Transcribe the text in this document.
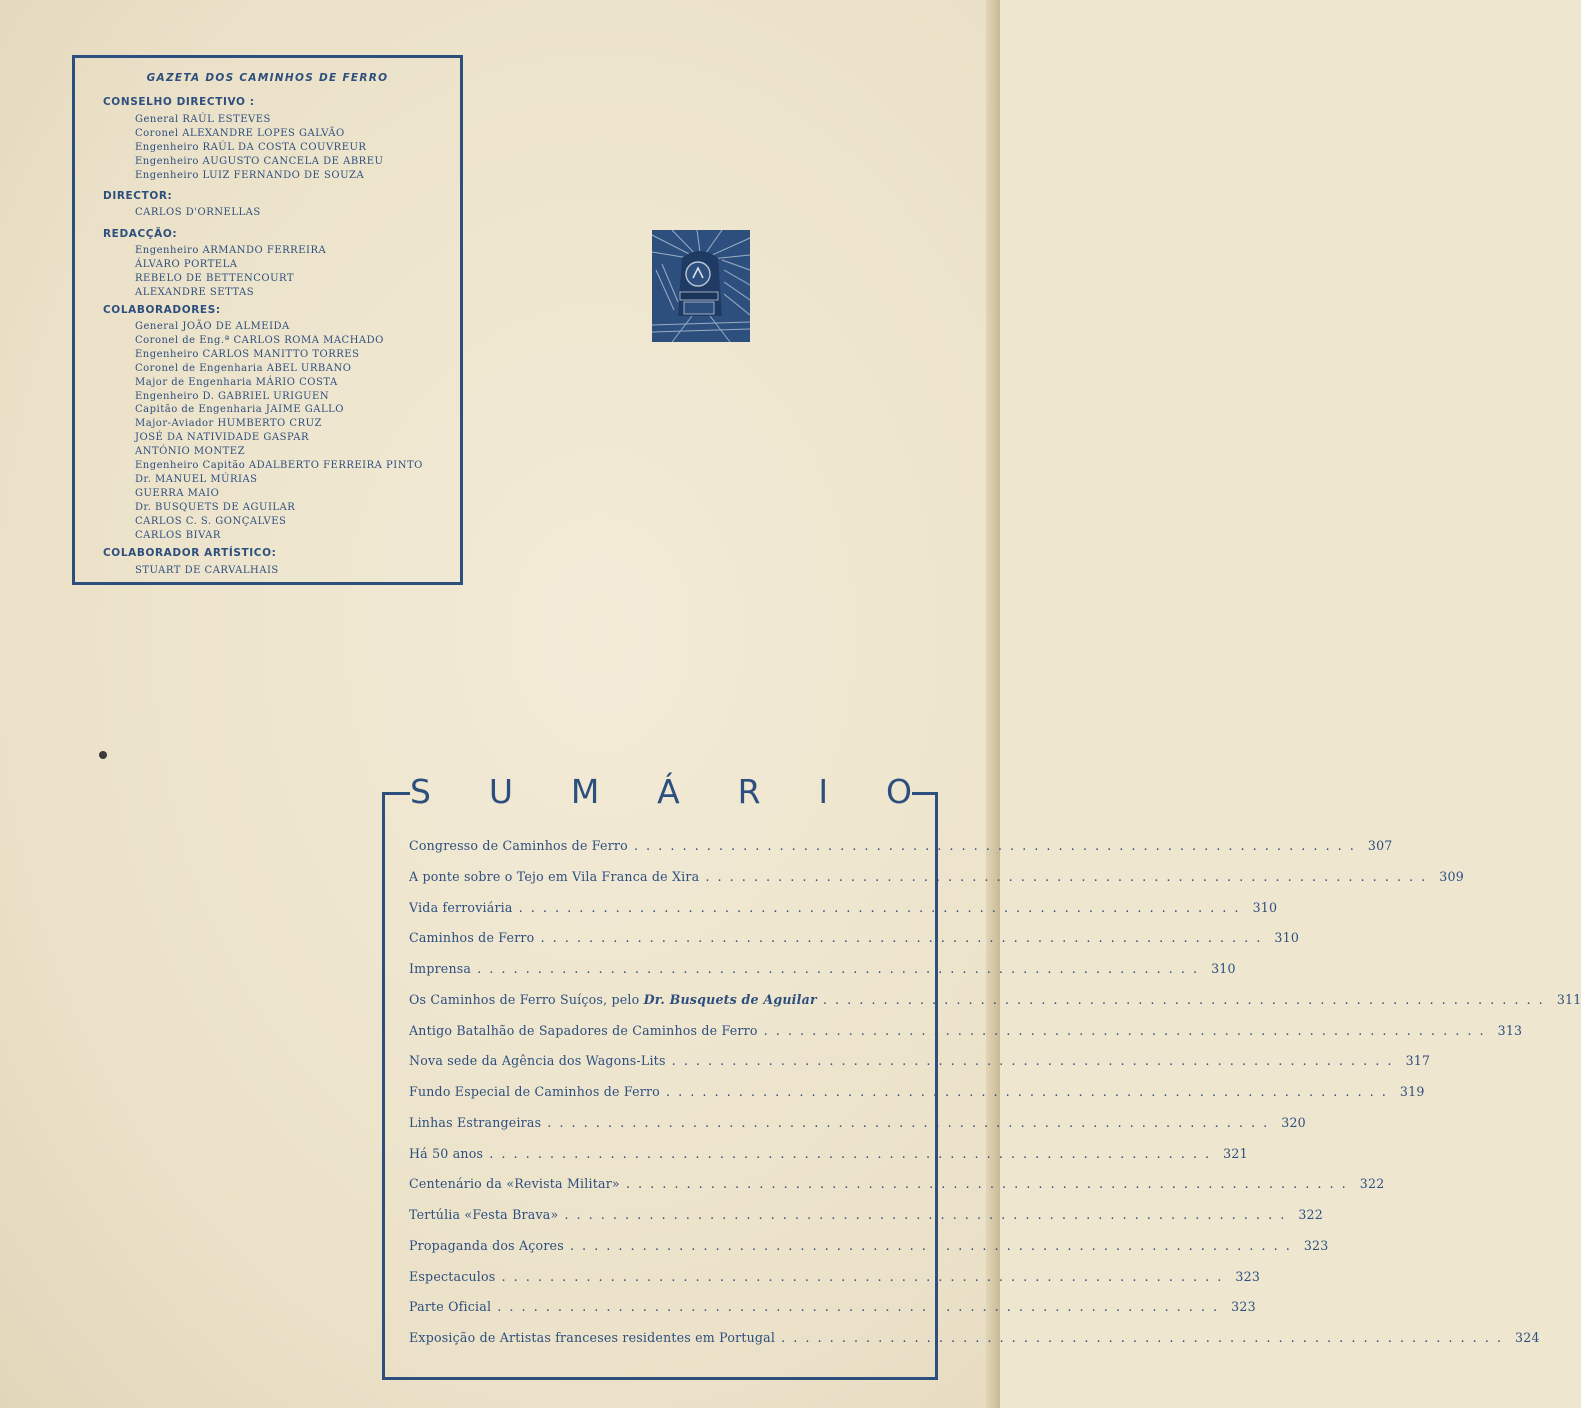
GAZETA DOS CAMINHOS DE FERRO
CONSELHO DIRECTIVO :
General RAÚL ESTEVES
Coronel ALEXANDRE LOPES GALVÃO
Engenheiro RAÚL DA COSTA COUVREUR
Engenheiro AUGUSTO CANCELA DE ABREU
Engenheiro LUIZ FERNANDO DE SOUZA
DIRECTOR:
CARLOS D'ORNELLAS
REDACÇÃO:
Engenheiro ARMANDO FERREIRA
ÁLVARO PORTELA
REBELO DE BETTENCOURT
ALEXANDRE SETTAS
COLABORADORES:
General JOÃO DE ALMEIDA
Coronel de Eng.ª CARLOS ROMA MACHADO
Engenheiro CARLOS MANITTO TORRES
Coronel de Engenharia ABEL URBANO
Major de Engenharia MÁRIO COSTA
Engenheiro D. GABRIEL URIGUEN
Capitão de Engenharia JAIME GALLO
Major-Aviador HUMBERTO CRUZ
JOSÉ DA NATIVIDADE GASPAR
ANTÓNIO MONTEZ
Engenheiro Capitão ADALBERTO FERREIRA PINTO
Dr. MANUEL MÚRIAS
GUERRA MAIO
Dr. BUSQUETS DE AGUILAR
CARLOS C. S. GONÇALVES
CARLOS BIVAR
COLABORADOR ARTÍSTICO:
STUART DE CARVALHAIS
S U M Á R I O
Congresso de Caminhos de Ferro ............................................................ 307
A ponte sobre o Tejo em Vila Franca de Xira ............................................................ 309
Vida ferroviária ............................................................ 310
Caminhos de Ferro ............................................................ 310
Imprensa ............................................................ 310
Os Caminhos de Ferro Suíços, pelo Dr. Busquets de Aguilar ............................................................ 311
Antigo Batalhão de Sapadores de Caminhos de Ferro ............................................................ 313
Nova sede da Agência dos Wagons-Lits ............................................................ 317
Fundo Especial de Caminhos de Ferro ............................................................ 319
Linhas Estrangeiras ............................................................ 320
Há 50 anos ............................................................ 321
Centenário da «Revista Militar» ............................................................ 322
Tertúlia «Festa Brava» ............................................................ 322
Propaganda dos Açores ............................................................ 323
Espectaculos ............................................................ 323
Parte Oficial ............................................................ 323
Exposição de Artistas franceses residentes em Portugal ............................................................ 324
